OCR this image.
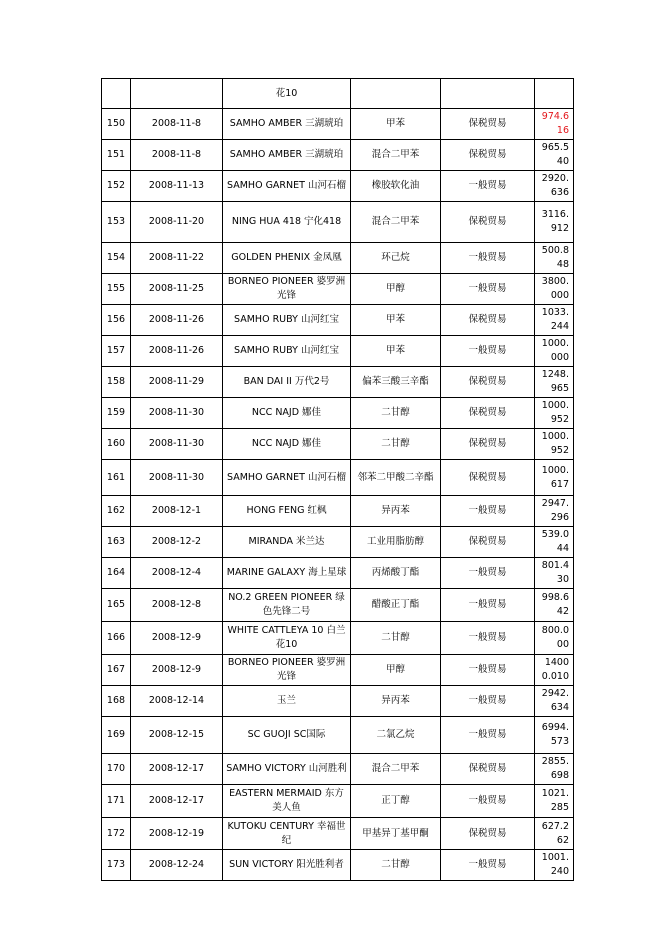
		花10			
150	2008-11-8	SAMHO AMBER 三湖琥珀	甲苯	保税贸易	974.616
151	2008-11-8	SAMHO AMBER 三湖琥珀	混合二甲苯	保税贸易	965.540
152	2008-11-13	SAMHO GARNET 山河石榴	橡胶软化油	一般贸易	2920.636
153	2008-11-20	NING HUA 418 宁化418	混合二甲苯	保税贸易	3116.912
154	2008-11-22	GOLDEN PHENIX 金凤凰	环己烷	一般贸易	500.848
155	2008-11-25	BORNEO PIONEER 婆罗洲光锋	甲醇	一般贸易	3800.000
156	2008-11-26	SAMHO RUBY 山河红宝	甲苯	保税贸易	1033.244
157	2008-11-26	SAMHO RUBY 山河红宝	甲苯	一般贸易	1000.000
158	2008-11-29	BAN DAI II 万代2号	偏苯三酸三辛酯	保税贸易	1248.965
159	2008-11-30	NCC NAJD 娜佳	二甘醇	保税贸易	1000.952
160	2008-11-30	NCC NAJD 娜佳	二甘醇	保税贸易	1000.952
161	2008-11-30	SAMHO GARNET 山河石榴	邻苯二甲酸二辛酯	保税贸易	1000.617
162	2008-12-1	HONG FENG 红枫	异丙苯	一般贸易	2947.296
163	2008-12-2	MIRANDA 米兰达	工业用脂肪醇	保税贸易	539.044
164	2008-12-4	MARINE GALAXY 海上星球	丙烯酸丁酯	一般贸易	801.430
165	2008-12-8	NO.2 GREEN PIONEER 绿色先锋二号	醋酸正丁酯	一般贸易	998.642
166	2008-12-9	WHITE CATTLEYA 10 白兰花10	二甘醇	一般贸易	800.000
167	2008-12-9	BORNEO PIONEER 婆罗洲光锋	甲醇	一般贸易	14000.010
168	2008-12-14	玉兰	异丙苯	一般贸易	2942.634
169	2008-12-15	SC GUOJI SC国际	二氯乙烷	一般贸易	6994.573
170	2008-12-17	SAMHO VICTORY 山河胜利	混合二甲苯	保税贸易	2855.698
171	2008-12-17	EASTERN MERMAID 东方美人鱼	正丁醇	一般贸易	1021.285
172	2008-12-19	KUTOKU CENTURY 幸福世纪	甲基异丁基甲酮	保税贸易	627.262
173	2008-12-24	SUN VICTORY 阳光胜利者	二甘醇	一般贸易	1001.240
